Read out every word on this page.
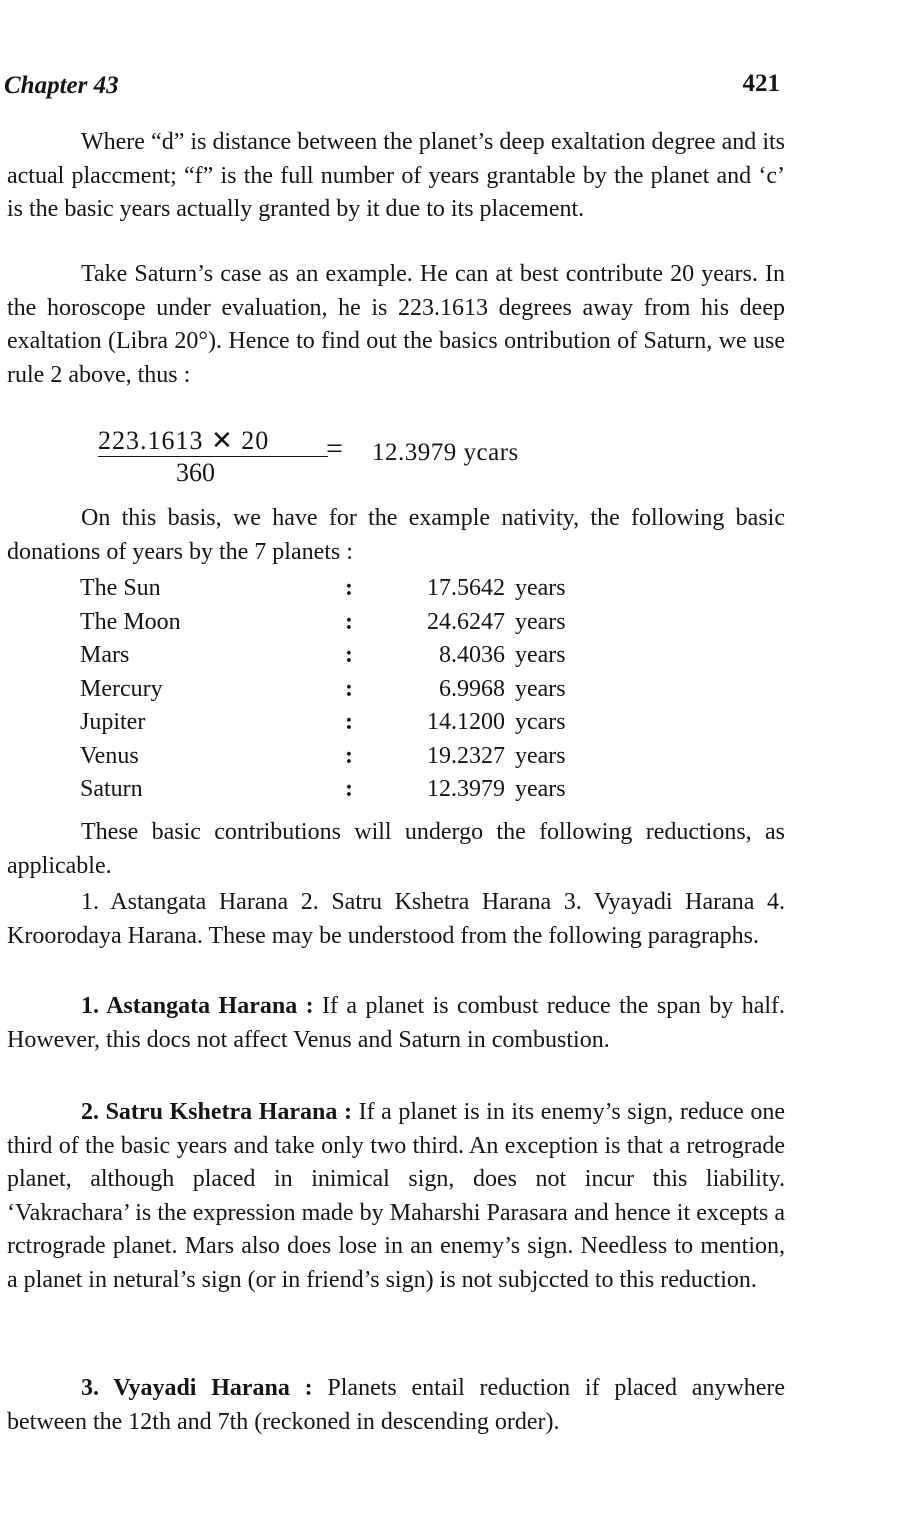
Chapter 43	421

Where “d” is distance between the planet’s deep exaltation degree and its actual placcment; “f” is the full number of years grantable by the planet and ‘c’ is the basic years actually granted by it due to its placement.

Take Saturn’s case as an example. He can at best contribute 20 years. In the horoscope under evaluation, he is 223.1613 degrees away from his deep exaltation (Libra 20°). Hence to find out the basics ontribution of Saturn, we use rule 2 above, thus :

223.1613 ✕ 20
360
= 12.3979 ycars

On this basis, we have for the example nativity, the following basic donations of years by the 7 planets :

The Sun	:	17.5642 years
The Moon	:	24.6247 years
Mars	:	8.4036 years
Mercury	:	6.9968 years
Jupiter	:	14.1200 ycars
Venus	:	19.2327 years
Saturn	:	12.3979 years

These basic contributions will undergo the following reductions, as applicable.

1. Astangata Harana 2. Satru Kshetra Harana 3. Vyayadi Harana 4. Kroorodaya Harana. These may be understood from the following paragraphs.

1. Astangata Harana : If a planet is combust reduce the span by half. However, this docs not affect Venus and Saturn in combustion.

2. Satru Kshetra Harana : If a planet is in its enemy’s sign, reduce one third of the basic years and take only two third. An exception is that a retrograde planet, although placed in inimical sign, does not incur this liability. ‘Vakrachara’ is the expression made by Maharshi Parasara and hence it excepts a rctrograde planet. Mars also does lose in an enemy’s sign. Needless to mention, a planet in netural’s sign (or in friend’s sign) is not subjccted to this reduction.

3. Vyayadi Harana : Planets entail reduction if placed anywhere between the 12th and 7th (reckoned in descending order).
